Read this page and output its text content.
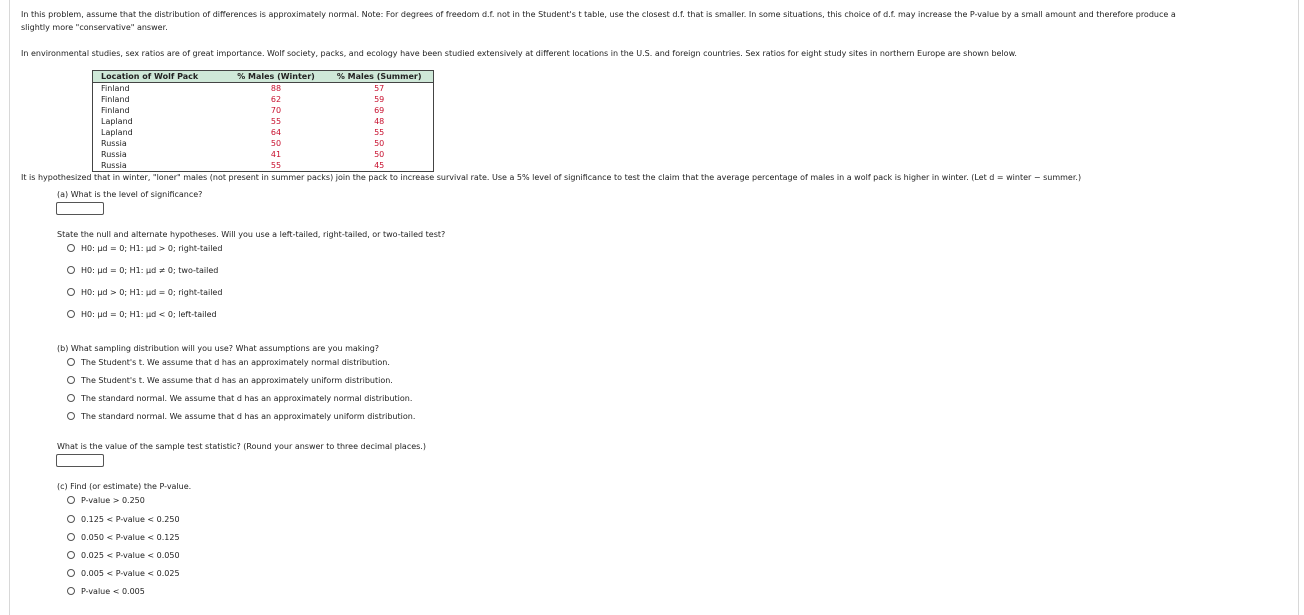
In this problem, assume that the distribution of differences is approximately normal. Note: For degrees of freedom d.f. not in the Student's t table, use the closest d.f. that is smaller. In some situations, this choice of d.f. may increase the P-value by a small amount and therefore produce a
slightly more "conservative" answer.
In environmental studies, sex ratios are of great importance. Wolf society, packs, and ecology have been studied extensively at different locations in the U.S. and foreign countries. Sex ratios for eight study sites in northern Europe are shown below.
Location of Wolf Pack	% Males (Winter)	% Males (Summer)
Finland	88	57
Finland	62	59
Finland	70	69
Lapland	55	48
Lapland	64	55
Russia	50	50
Russia	41	50
Russia	55	45
It is hypothesized that in winter, "loner" males (not present in summer packs) join the pack to increase survival rate. Use a 5% level of significance to test the claim that the average percentage of males in a wolf pack is higher in winter. (Let d = winter − summer.)
(a) What is the level of significance?
State the null and alternate hypotheses. Will you use a left-tailed, right-tailed, or two-tailed test?
H0: μd = 0; H1: μd > 0; right-tailed
H0: μd = 0; H1: μd ≠ 0; two-tailed
H0: μd > 0; H1: μd = 0; right-tailed
H0: μd = 0; H1: μd < 0; left-tailed
(b) What sampling distribution will you use? What assumptions are you making?
The Student's t. We assume that d has an approximately normal distribution.
The Student's t. We assume that d has an approximately uniform distribution.
The standard normal. We assume that d has an approximately normal distribution.
The standard normal. We assume that d has an approximately uniform distribution.
What is the value of the sample test statistic? (Round your answer to three decimal places.)
(c) Find (or estimate) the P-value.
P-value > 0.250
0.125 < P-value < 0.250
0.050 < P-value < 0.125
0.025 < P-value < 0.050
0.005 < P-value < 0.025
P-value < 0.005
